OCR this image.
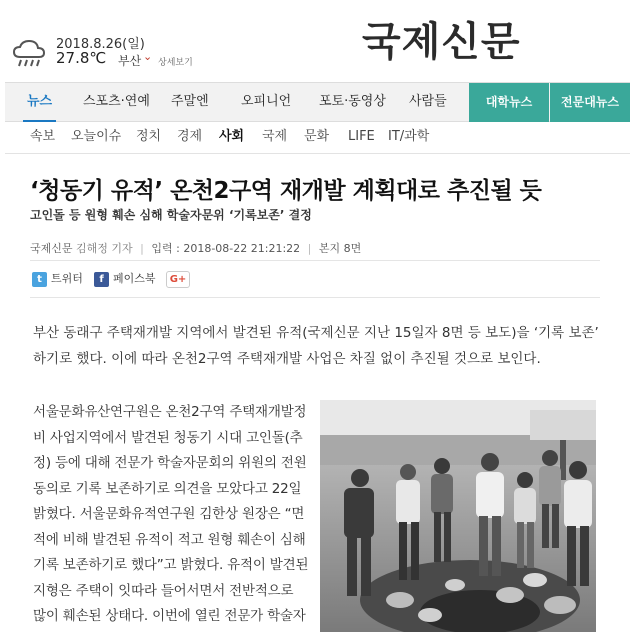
2018.8.26(일)
27.8℃ 부산 ⌄ 상세보기	국제신문
뉴스 스포츠·연예 주말엔 오피니언 포토·동영상 사람들	대학뉴스	전문대뉴스
속보 오늘이슈 정치 경제 사회 국제 문화 LIFE IT/과학
‘청동기 유적’ 온천2구역 재개발 계획대로 추진될 듯
고인돌 등 원형 훼손 심해 학술자문위 ‘기록보존’ 결정
국제신문 김해정 기자 | 입력 : 2018-08-22 21:21:22 | 본지 8면
t 트위터	f 페이스북	G+

부산 동래구 주택재개발 지역에서 발견된 유적(국제신문 지난 15일자 8면 등 보도)을 ‘기록 보존’

하기로 했다. 이에 따라 온천2구역 주택재개발 사업은 차질 없이 추진될 것으로 보인다.

서울문화유산연구원은 온천2구역 주택재개발정

비 사업지역에서 발견된 청동기 시대 고인돌(추

정) 등에 대해 전문가 학술자문회의 위원의 전원

동의로 기록 보존하기로 의견을 모았다고 22일

밝혔다. 서울문화유적연구원 김한상 원장은 “면

적에 비해 발견된 유적이 적고 원형 훼손이 심해

기록 보존하기로 했다”고 밝혔다. 유적이 발견된

지형은 주택이 잇따라 들어서면서 전반적으로

많이 훼손된 상태다. 이번에 열린 전문가 학술자
